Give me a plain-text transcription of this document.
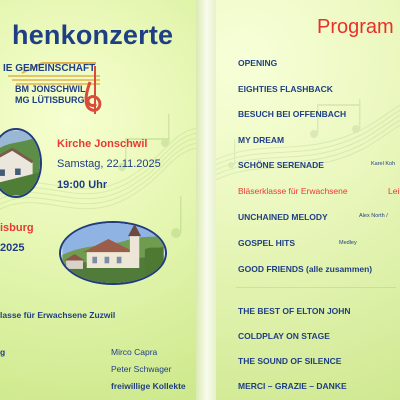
henkonzerte
IE GEMEINSCHAFT
BM JONSCHWIL
MG LÜTISBURG
Kirche Jonschwil
Samstag, 22.11.2025
19:00 Uhr
isburg
2025
lasse für Erwachsene Zuzwil
g	Mirco Capra
Peter Schwager
freiwillige Kollekte
Program
OPENING
EIGHTIES FLASHBACK
BESUCH BEI OFFENBACH
MY DREAM
SCHÖNE SERENADE	Karel Koh
Bläserklasse für Erwachsene	Lei
UNCHAINED MELODY	Alex North /
GOSPEL HITS	Medley
GOOD FRIENDS (alle zusammen)
THE BEST OF ELTON JOHN
COLDPLAY ON STAGE
THE SOUND OF SILENCE
MERCI – GRAZIE – DANKE
